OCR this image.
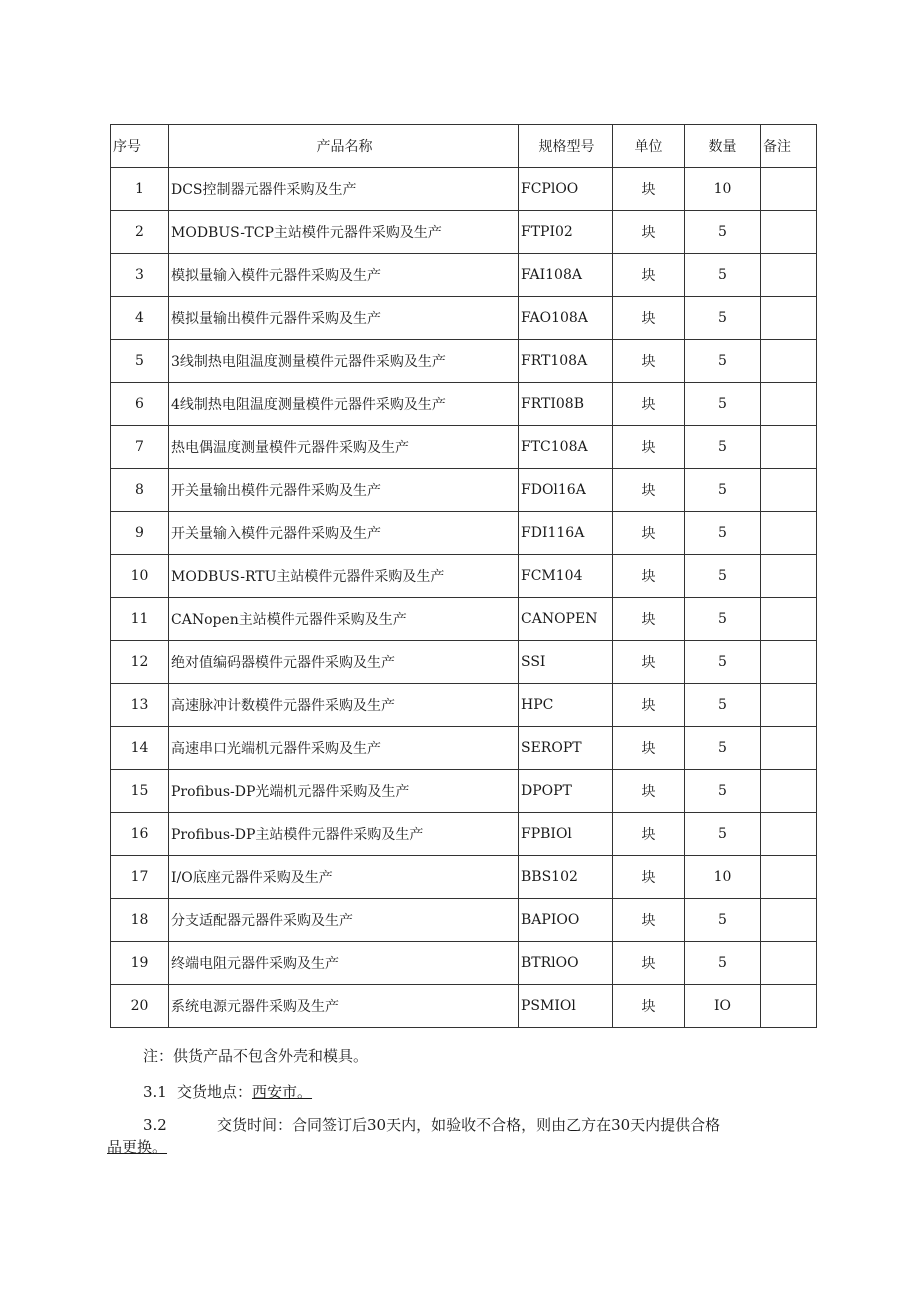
序号	产品名称	规格型号	单位	数量	备注
1	DCS控制器元器件采购及生产	FCPlOO	块	10	
2	MODBUS-TCP主站模件元器件采购及生产	FTPI02	块	5	
3	模拟量输入模件元器件采购及生产	FAI108A	块	5	
4	模拟量输出模件元器件采购及生产	FAO108A	块	5	
5	3线制热电阻温度测量模件元器件采购及生产	FRT108A	块	5	
6	4线制热电阻温度测量模件元器件采购及生产	FRTI08B	块	5	
7	热电偶温度测量模件元器件采购及生产	FTC108A	块	5	
8	开关量输出模件元器件采购及生产	FDOl16A	块	5	
9	开关量输入模件元器件采购及生产	FDI116A	块	5	
10	MODBUS-RTU主站模件元器件采购及生产	FCM104	块	5	
11	CANopen主站模件元器件采购及生产	CANOPEN	块	5	
12	绝对值编码器模件元器件采购及生产	SSI	块	5	
13	高速脉冲计数模件元器件采购及生产	HPC	块	5	
14	高速串口光端机元器件采购及生产	SEROPT	块	5	
15	Profibus-DP光端机元器件采购及生产	DPOPT	块	5	
16	Profibus-DP主站模件元器件采购及生产	FPBIOl	块	5	
17	I/O底座元器件采购及生产	BBS102	块	10	
18	分支适配器元器件采购及生产	BAPIOO	块	5	
19	终端电阻元器件采购及生产	BTRlOO	块	5	
20	系统电源元器件采购及生产	PSMIOl	块	IO	
注：供货产品不包含外壳和模具。
3.1 交货地点：西安市。
3.2	交货时间：合同签订后30天内，如验收不合格，则由乙方在30天内提供合格
品更换。
